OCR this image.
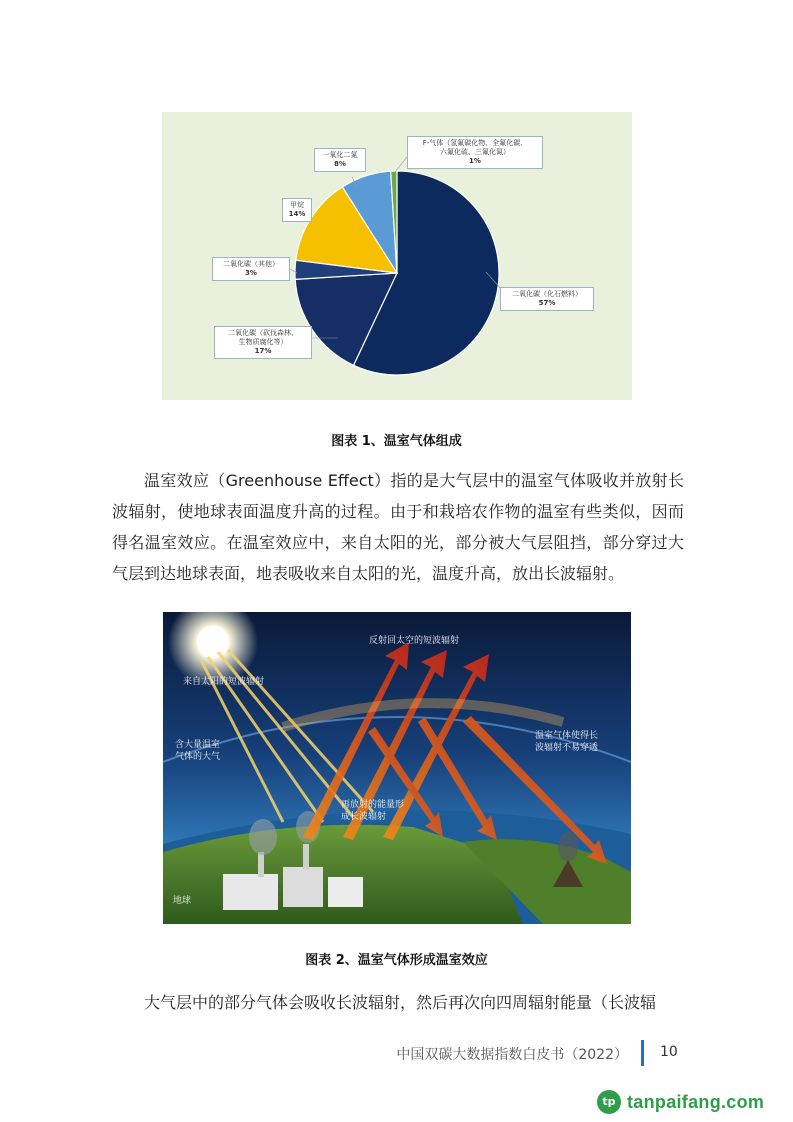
二氧化碳（化石燃料）
57%
二氧化碳（砍伐森林、
生物质腐化等）
17%
二氧化碳（其他）
3%
甲烷
14%
一氧化二氮
8%
F-气体（氢氟碳化物、全氟化碳、
六氟化硫、三氟化氮）
1%
图表 1、温室气体组成

温室效应（Greenhouse Effect）指的是大气层中的温室气体吸收并放射长波辐射，使地球表面温度升高的过程。由于和栽培农作物的温室有些类似，因而得名温室效应。在温室效应中，来自太阳的光，部分被大气层阻挡，部分穿过大气层到达地球表面，地表吸收来自太阳的光，温度升高，放出长波辐射。

反射回太空的短波辐射
来自太阳的短波辐射
含大量温室
气体的大气
温室气体使得长
波辐射不易穿透
再放射的能量形
成长波辐射
地球
图表 2、温室气体形成温室效应

大气层中的部分气体会吸收长波辐射，然后再次向四周辐射能量（长波辐

中国双碳大数据指数白皮书（2022） 10
tp tanpaifang.com
